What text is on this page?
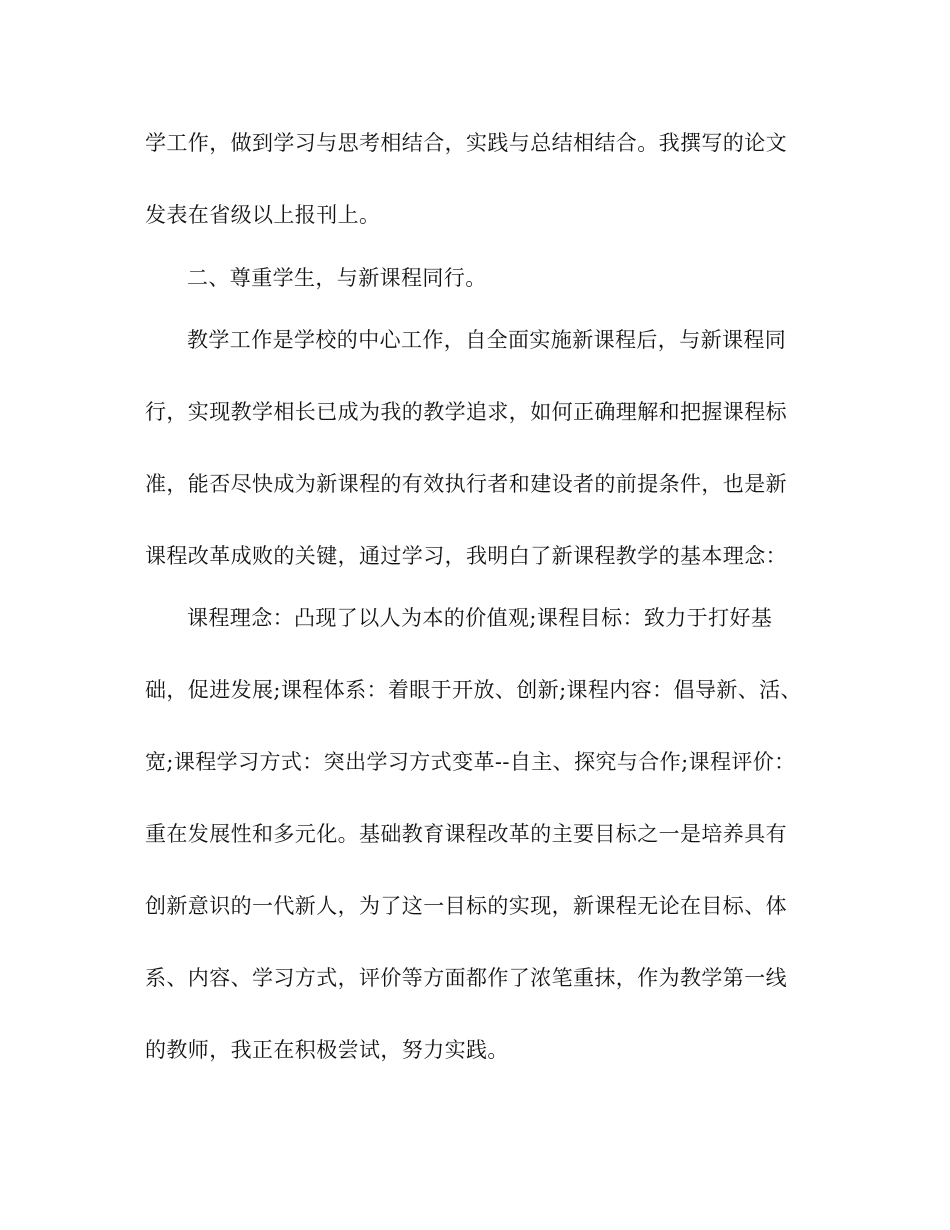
学工作，做到学习与思考相结合，实践与总结相结合。我撰写的论文
发表在省级以上报刊上。
二、尊重学生，与新课程同行。
教学工作是学校的中心工作，自全面实施新课程后，与新课程同
行，实现教学相长已成为我的教学追求，如何正确理解和把握课程标
准，能否尽快成为新课程的有效执行者和建设者的前提条件，也是新
课程改革成败的关键，通过学习，我明白了新课程教学的基本理念：
课程理念：凸现了以人为本的价值观;课程目标：致力于打好基
础，促进发展;课程体系：着眼于开放、创新;课程内容：倡导新、活、
宽;课程学习方式：突出学习方式变革--自主、探究与合作;课程评价：
重在发展性和多元化。基础教育课程改革的主要目标之一是培养具有
创新意识的一代新人，为了这一目标的实现，新课程无论在目标、体
系、内容、学习方式，评价等方面都作了浓笔重抹，作为教学第一线
的教师，我正在积极尝试，努力实践。
